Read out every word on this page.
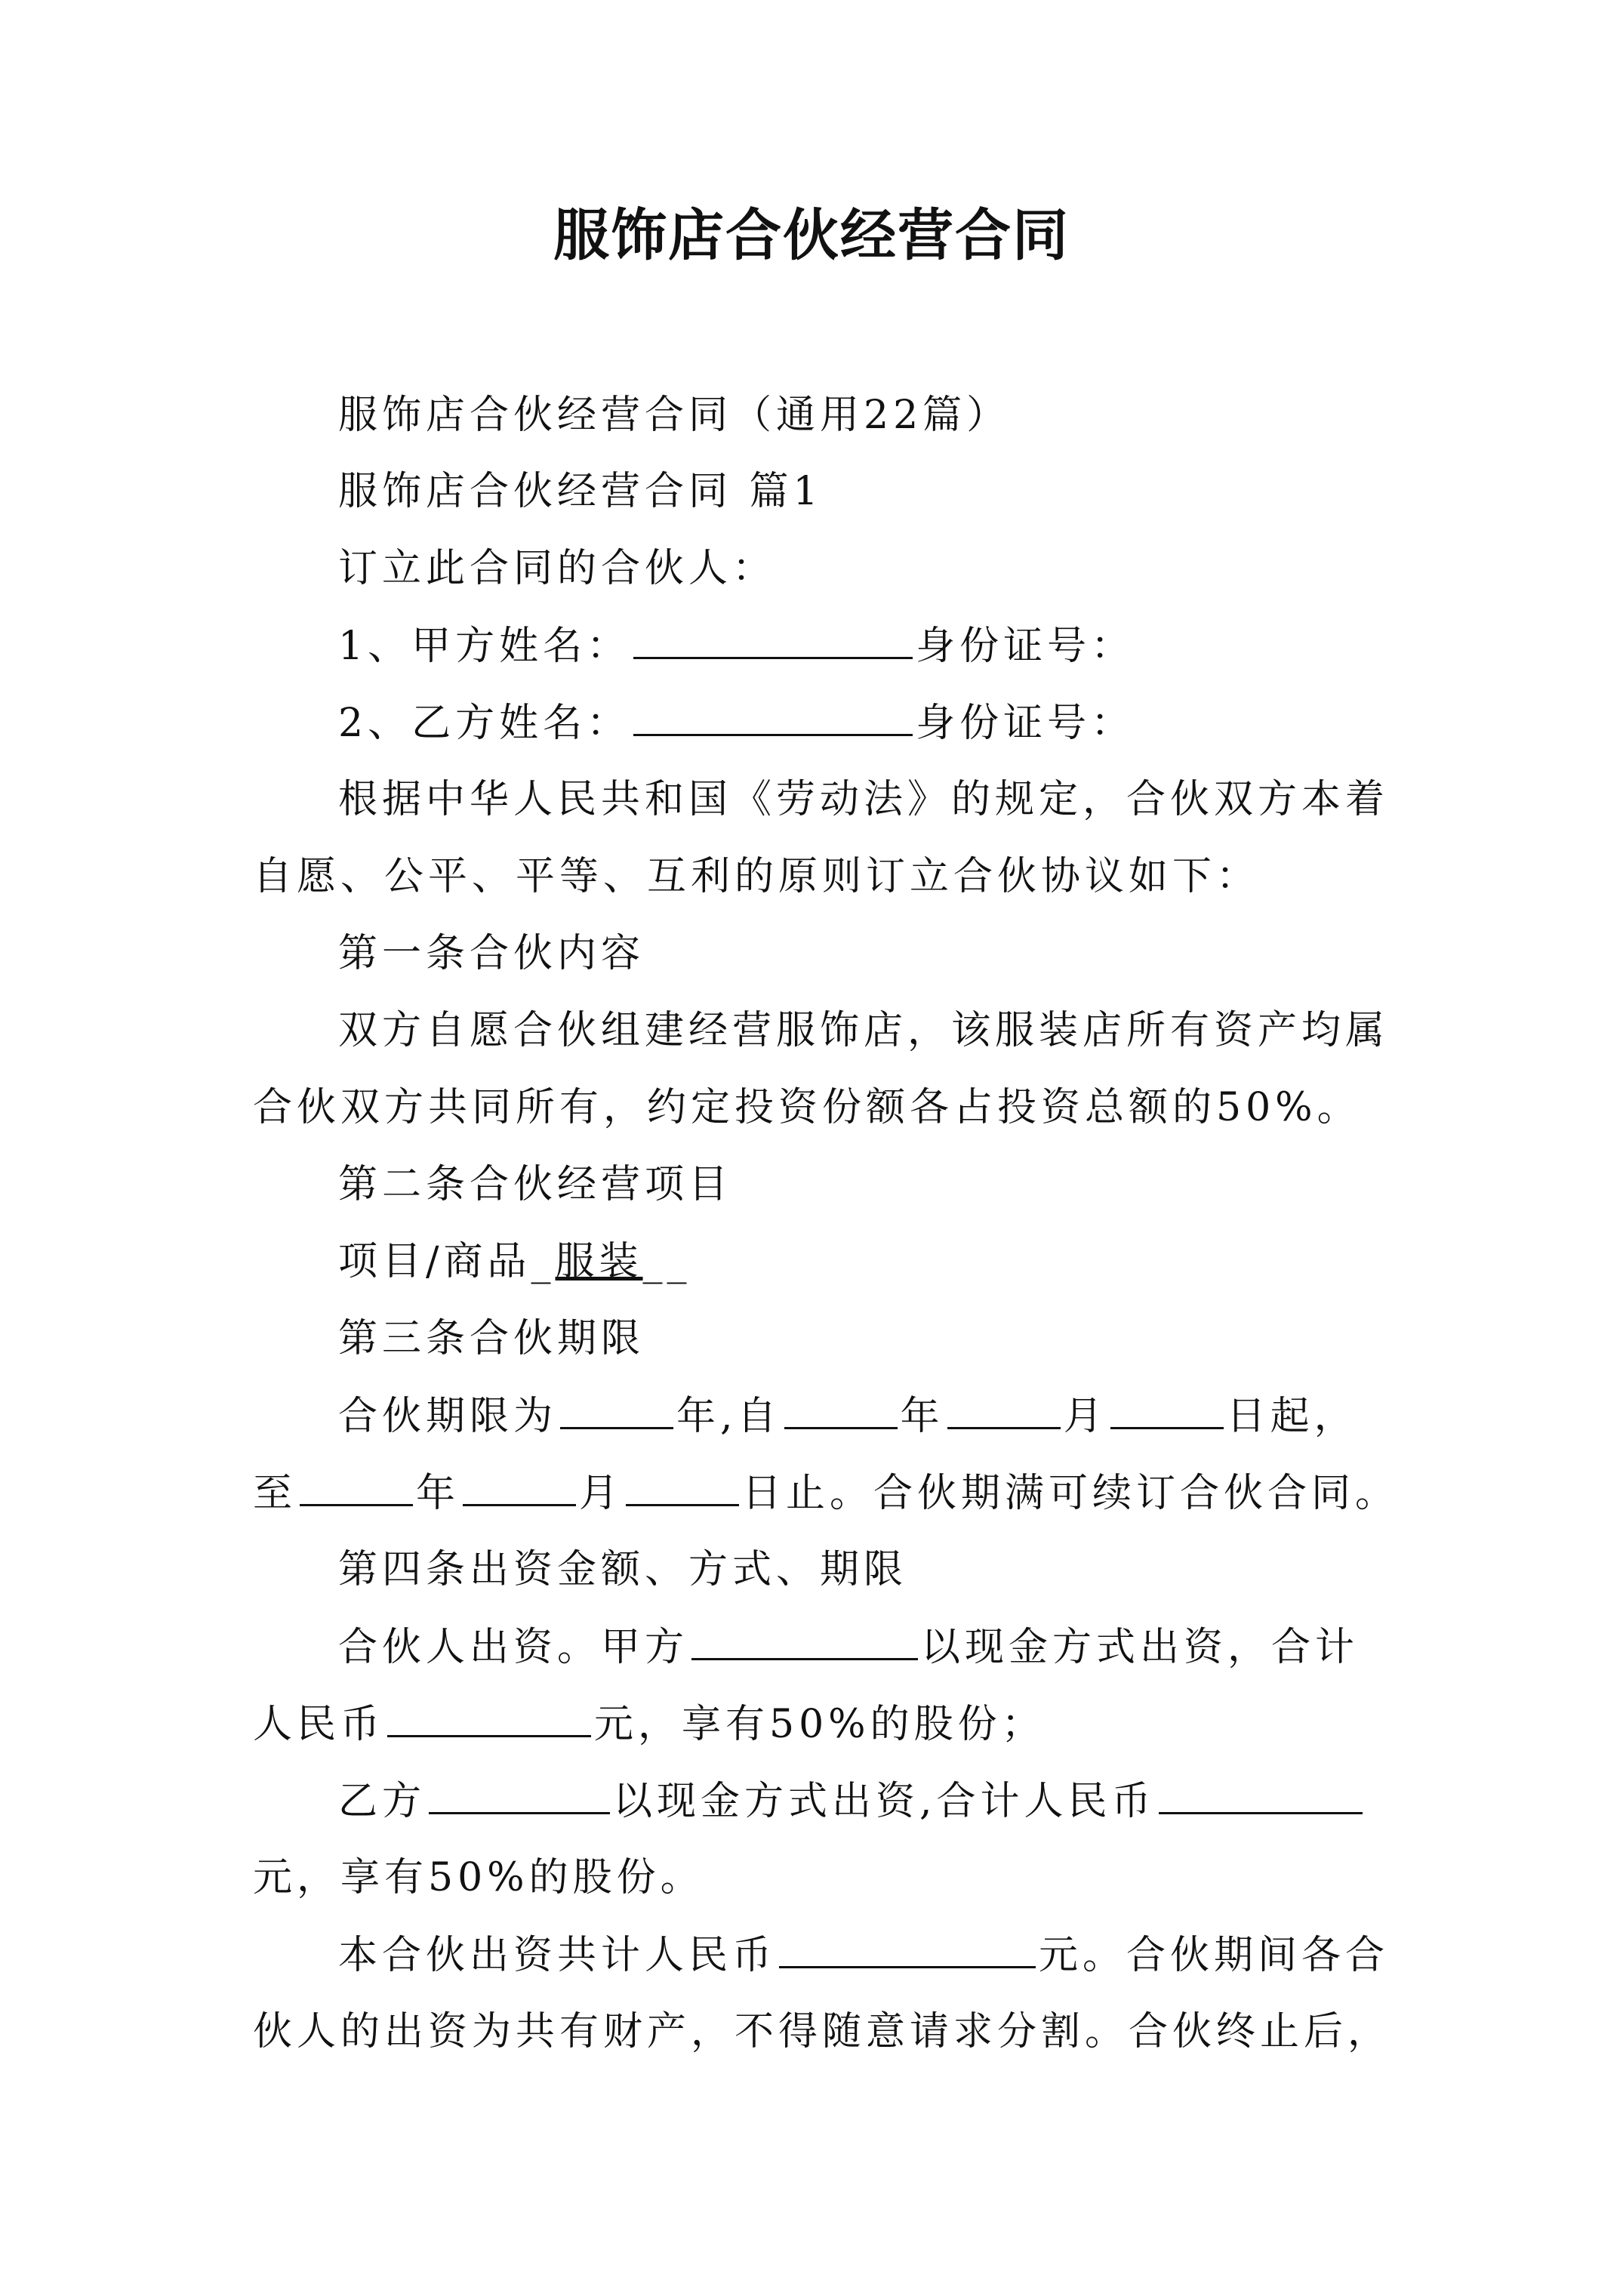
服饰店合伙经营合同
服饰店合伙经营合同（通用22篇）
服饰店合伙经营合同 篇1
订立此合同的合伙人：
1、甲方姓名：	身份证号：
2、乙方姓名：	身份证号：
根据中华人民共和国《劳动法》的规定，合伙双方本着
自愿、公平、平等、互利的原则订立合伙协议如下：
第一条合伙内容
双方自愿合伙组建经营服饰店，该服装店所有资产均属
合伙双方共同所有，约定投资份额各占投资总额的50%。
第二条合伙经营项目
项目/商品_服装__
第三条合伙期限
合伙期限为	年,自	年	月	日起，
至	年	月	日止。合伙期满可续订合伙合同。
第四条出资金额、方式、期限
合伙人出资。甲方	以现金方式出资，合计
人民币	元，享有50%的股份；
乙方	以现金方式出资,合计人民币
元，享有50%的股份。
本合伙出资共计人民币	元。合伙期间各合
伙人的出资为共有财产，不得随意请求分割。合伙终止后，
